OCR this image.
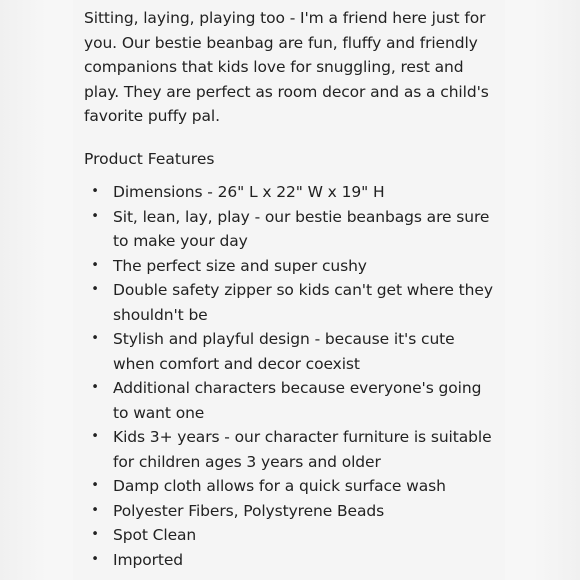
Sitting, laying, playing too - I'm a friend here just for you. Our bestie beanbag are fun, fluffy and friendly companions that kids love for snuggling, rest and play. They are perfect as room decor and as a child's favorite puffy pal.

Product Features
• Dimensions - 26" L x 22" W x 19" H
• Sit, lean, lay, play - our bestie beanbags are sure to make your day
• The perfect size and super cushy
• Double safety zipper so kids can't get where they shouldn't be
• Stylish and playful design - because it's cute when comfort and decor coexist
• Additional characters because everyone's going to want one
• Kids 3+ years - our character furniture is suitable for children ages 3 years and older
• Damp cloth allows for a quick surface wash
• Polyester Fibers, Polystyrene Beads
• Spot Clean
• Imported
